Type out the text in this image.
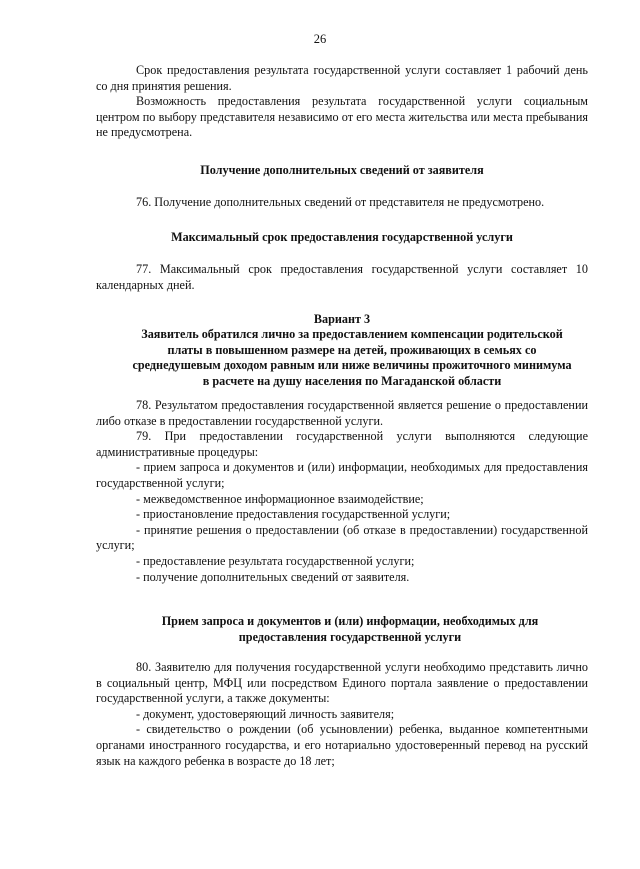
26

Срок предоставления результата государственной услуги составляет 1 рабочий день со дня принятия решения.

Возможность предоставления результата государственной услуги социальным центром по выбору представителя независимо от его места жительства или места пребывания не предусмотрена.

Получение дополнительных сведений от заявителя

76. Получение дополнительных сведений от представителя не предусмотрено.

Максимальный срок предоставления государственной услуги

77. Максимальный срок предоставления государственной услуги составляет 10 календарных дней.

Вариант 3
Заявитель обратился лично за предоставлением компенсации родительской платы в повышенном размере на детей, проживающих в семьях со среднедушевым доходом равным или ниже величины прожиточного минимума в расчете на душу населения по Магаданской области

78. Результатом предоставления государственной является решение о предоставлении либо отказе в предоставлении государственной услуги.

79. При предоставлении государственной услуги выполняются следующие административные процедуры:

- прием запроса и документов и (или) информации, необходимых для предоставления государственной услуги;

- межведомственное информационное взаимодействие;

- приостановление предоставления государственной услуги;

- принятие решения о предоставлении (об отказе в предоставлении) государственной услуги;

- предоставление результата государственной услуги;

- получение дополнительных сведений от заявителя.

Прием запроса и документов и (или) информации, необходимых для предоставления государственной услуги

80. Заявителю для получения государственной услуги необходимо представить лично в социальный центр, МФЦ или посредством Единого портала заявление о предоставлении государственной услуги, а также документы:

- документ, удостоверяющий личность заявителя;

- свидетельство о рождении (об усыновлении) ребенка, выданное компетентными органами иностранного государства, и его нотариально удостоверенный перевод на русский язык на каждого ребенка в возрасте до 18 лет;
